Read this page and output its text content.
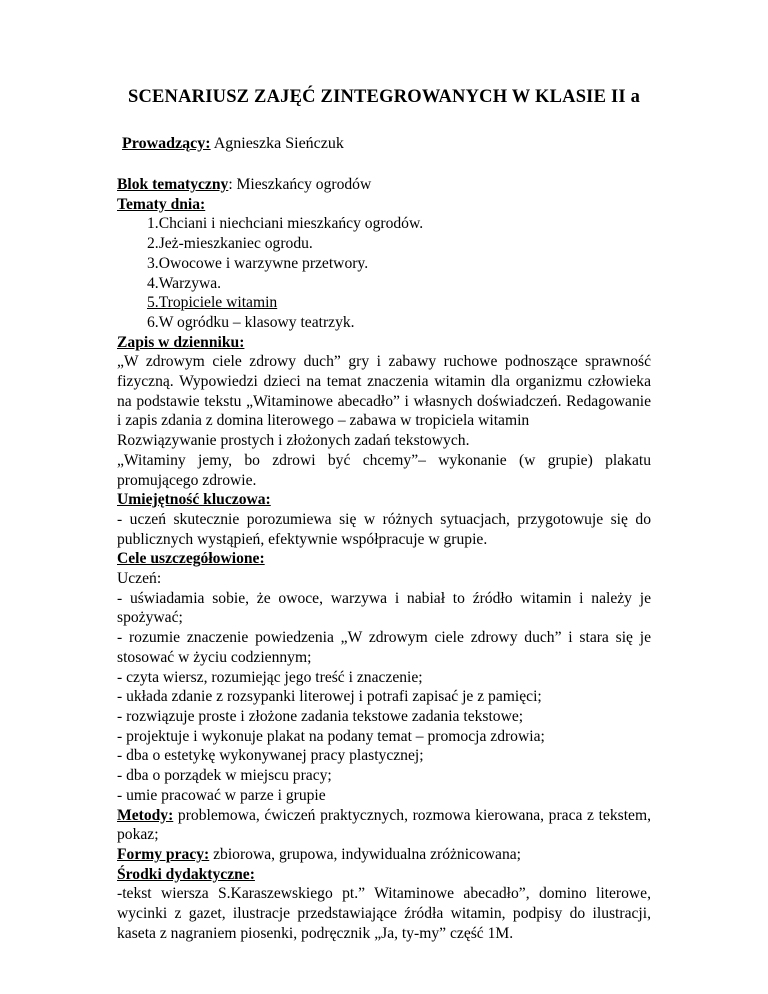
SCENARIUSZ ZAJĘĆ ZINTEGROWANYCH W KLASIE II a
Prowadzący: Agnieszka Sieńczuk

Blok tematyczny: Mieszkańcy ogrodów

Tematy dnia:

1.Chciani i niechciani mieszkańcy ogrodów.
2.Jeż-mieszkaniec ogrodu.
3.Owocowe i warzywne przetwory.
4.Warzywa.
5.Tropiciele witamin
6.W ogródku – klasowy teatrzyk.

Zapis w dzienniku:

„W zdrowym ciele zdrowy duch” gry i zabawy ruchowe podnoszące sprawność fizyczną. Wypowiedzi dzieci na temat znaczenia witamin dla organizmu człowieka na podstawie tekstu „Witaminowe abecadło” i własnych doświadczeń. Redagowanie i zapis zdania z domina literowego – zabawa w tropiciela witamin

Rozwiązywanie prostych i złożonych zadań tekstowych.

„Witaminy jemy, bo zdrowi być chcemy”– wykonanie (w grupie) plakatu promującego zdrowie.

Umiejętność kluczowa:

- uczeń skutecznie porozumiewa się w różnych sytuacjach, przygotowuje się do publicznych wystąpień, efektywnie współpracuje w grupie.

Cele uszczegółowione:

Uczeń:

- uświadamia sobie, że owoce, warzywa i nabiał to źródło witamin i należy je spożywać;

- rozumie znaczenie powiedzenia „W zdrowym ciele zdrowy duch” i stara się je stosować w życiu codziennym;

- czyta wiersz, rozumiejąc jego treść i znaczenie;

- układa zdanie z rozsypanki literowej i potrafi zapisać je z pamięci;

- rozwiązuje proste i złożone zadania tekstowe zadania tekstowe;

- projektuje i wykonuje plakat na podany temat – promocja zdrowia;

- dba o estetykę wykonywanej pracy plastycznej;

- dba o porządek w miejscu pracy;

- umie pracować w parze i grupie

Metody: problemowa, ćwiczeń praktycznych, rozmowa kierowana, praca z tekstem, pokaz;

Formy pracy: zbiorowa, grupowa, indywidualna zróżnicowana;

Środki dydaktyczne:

-tekst wiersza S.Karaszewskiego pt.” Witaminowe abecadło”, domino literowe, wycinki z gazet, ilustracje przedstawiające źródła witamin, podpisy do ilustracji, kaseta z nagraniem piosenki, podręcznik „Ja, ty-my” część 1M.
